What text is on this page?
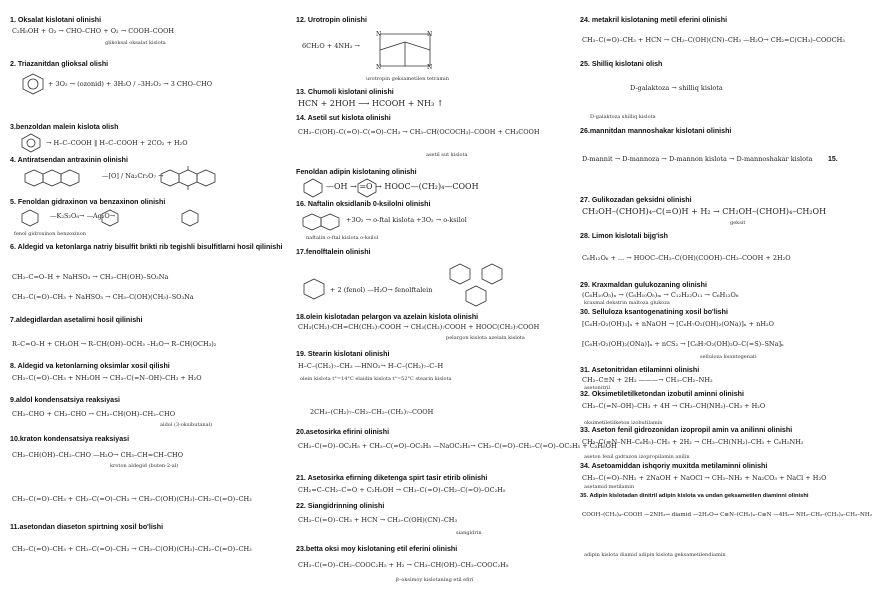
1. Oksalat kislotani olinishi
C₂H₅OH + O₂ → CHO–CHO + O₂ → COOH–COOH
glikoksal oksalat kislota
2. Triazanitdan glioksal olishi
+ 3O₃ → (ozonid) + 3H₂O / –3H₂O₂ → 3 CHO–CHO
3.benzoldan malein kislota olish
→ H–C–COOH ‖ H–C–COOH + 2CO₂ + H₂O
4. Antiratsendan antraxinin olinishi
—[O] / Na₂Cr₂O₇ →
5. Fenoldan gidraxinon va benzaxinon olinishi
—K₂S₂O₈→ —Ag₂O→
fenol gidroxinon benzoxinon
6. Aldegid va ketonlarga natriy bisulfit brikti rib tegishli bisulfitlarni hosil qilinishi
CH₃–C=O–H + NaHSO₃ → CH₃–CH(OH)–SO₃Na
CH₃–C(=O)–CH₃ + NaHSO₃ → CH₃–C(OH)(CH₃)–SO₃Na
7.aldegidlardan asetalirni hosil qilinishi
R–C=O–H + CH₃OH → R–CH(OH)–OCH₃ –H₂O→ R–CH(OCH₃)₂
8. Aldegid va ketonlarning oksimlar xosil qilishi
CH₃–C(=O)–CH₃ + NH₂OH → CH₃–C(=N–OH)–CH₃ + H₂O
9.aldol kondensatsiya reaksiyasi
CH₃–CHO + CH₃–CHO → CH₃–CH(OH)–CH₂–CHO
aldol (3-oksibutanal)
10.kraton kondensatsiya reaksiyasi
CH₃–CH(OH)–CH₂–CHO —H₂O→ CH₃–CH=CH–CHO
kroton aldegid (buten-2-al)
CH₃–C(=O)–CH₃ + CH₃–C(=O)–CH₃ → CH₃–C(OH)(CH₃)–CH₂–C(=O)–CH₃
11.asetondan diaseton spirtning xosil bo'lishi
CH₃–C(=O)–CH₃ + CH₃–C(=O)–CH₃ → CH₃–C(OH)(CH₃)–CH₂–C(=O)–CH₃
12. Urotropin olinishi
6CH₂O + 4NH₃ →
N	N
N	N
urotropin geksametilen tetramin
13. Chumoli kislotani olinishi
HCN + 2HOH ⟶ HCOOH + NH₃ ↑
14. Asetil sut kislota olinishi
CH₃–C(OH)–C(=O)–C(=O)–CH₃ → CH₃–CH(OCOCH₃)–COOH + CH₃COOH
asetil sut kislota
15.
Fenoldan adipin kislotaning olinishi
—OH → =O → HOOC—(CH₂)₄—COOH
16. Naftalin oksidlanib 0-ksilolni olinishi
+3O₂ → o-ftal kislota +3O₂ → o-ksilol
naftalin o-ftal kislota o-ksilol
17.fenolftalein olinishi
+ 2 (fenol) —H₂O→ fenolftalein
18.olein kislotadan pelargon va azelain kislota olinishi
CH₃(CH₂)₇CH=CH(CH₂)₇COOH → CH₃(CH₂)₇COOH + HOOC(CH₂)₇COOH
pelargon kislota azelain kislota
19. Stearin kislotani olinishi
H–C–(CH₂)₇–CH₃ —HNO₂→ H–C–(CH₂)₇–C–H
olein kislota t°=14°C elaidin kislota t°=52°C stearin kislota
2CH₃–(CH₂)₇–CH₂–CH₂–(CH₂)₇–COOH
20.asetosirka efirini olinishi
CH₃–C(=O)–OC₂H₅ + CH₃–C(=O)–OC₂H₅ —NaOC₂H₅→ CH₃–C(=O)–CH₂–C(=O)–OC₂H₅ + C₂H₅OH
21. Asetosirka efirning diketenga spirt tasir etirib olinishi
CH₂=C–CH₂–C=O + C₂H₅OH → CH₃–C(=O)–CH₂–C(=O)–OC₂H₅
22. Siangidrinning olinishi
CH₃–C(=O)–CH₃ + HCN → CH₃–C(OH)(CN)–CH₃
siangidrin
23.betta oksi moy kislotaning etil eferini olinishi
CH₃–C(=O)–CH₂–COOC₂H₅ + H₂ → CH₃–CH(OH)–CH₂–COOC₂H₅
β–oksimoy kislotaning etil efiri
24. metakril kislotaning metil eferini olinishi
CH₃–C(=O)–CH₃ + HCN → CH₃–C(OH)(CN)–CH₃ —H₂O→ CH₂=C(CH₃)–COOCH₃
25. Shilliq kislotani olish
D-galaktoza → shilliq kislota
D-galaktoza shilliq kislota
26.mannitdan mannoshakar kislotani olinishi
D-mannit → D-mannoza → D-mannon kislota → D-mannoshakar kislota
27. Gulikozadan geksidni olinishi
CH₂OH–(CHOH)₄–C(=O)H + H₂ → CH₂OH–(CHOH)₄–CH₂OH
geksit
28. Limon kislotali bijg'ish
C₆H₁₂O₆ + ... → HOOC–CH₂–C(OH)(COOH)–CH₂–COOH + 2H₂O
29. Kraxmaldan gulukozaning olinishi
(C₆H₁₀O₅)ₙ → (C₆H₁₀O₅)ₘ → C₁₂H₂₂O₁₁ → C₆H₁₂O₆
kraxmal dekstrin maltoza glukoza
30. Selluloza ksantogenatining xosil bo'lishi
[C₆H₇O₂(OH)₃]ₙ + nNaOH → [C₆H₇O₂(OH)₂(ONa)]ₙ + nH₂O
[C₆H₇O₂(OH)₂(ONa)]ₙ + nCS₂ → [C₆H₇O₂(OH)₂O–C(=S)–SNa]ₙ
selluloza ksantogenati
31. Asetonitridan etilaminni olinishi
CH₃–C≡N + 2H₂ ———→ CH₃–CH₂–NH₂
asetonitril
32. Oksimetiletilketondan izobutil aminni olinishi
CH₃–C(=N–OH)–CH₃ + 4H → CH₃–CH(NH₂)–CH₃ + H₂O
oksimetiletilketon izobutilamin
33. Aseton fenil gidrozonidan izopropil amin va anilinni olinishi
CH₃–C(=N–NH–C₆H₅)–CH₃ + 2H₂ → CH₃–CH(NH₂)–CH₃ + C₆H₅NH₂
aseton fenil gidrazon izopropilamin anilin
34. Asetoamiddan ishqoriy muxitda metilaminni olinishi
CH₃–C(=O)–NH₂ + 2NaOH + NaOCl → CH₃–NH₂ + Na₂CO₃ + NaCl + H₂O
asetamid metilamin
35. Adipin kislotadan dinitril adipin kislota va undan geksametilen diaminni olinishi
COOH–(CH₂)₄–COOH —2NH₃→ diamid —2H₂O→ C≡N–(CH₂)₄–C≡N —4H₂→ NH₂–CH₂–(CH₂)₄–CH₂–NH₂
adipin kislota diamid adipin kislota geksametilendiamin
